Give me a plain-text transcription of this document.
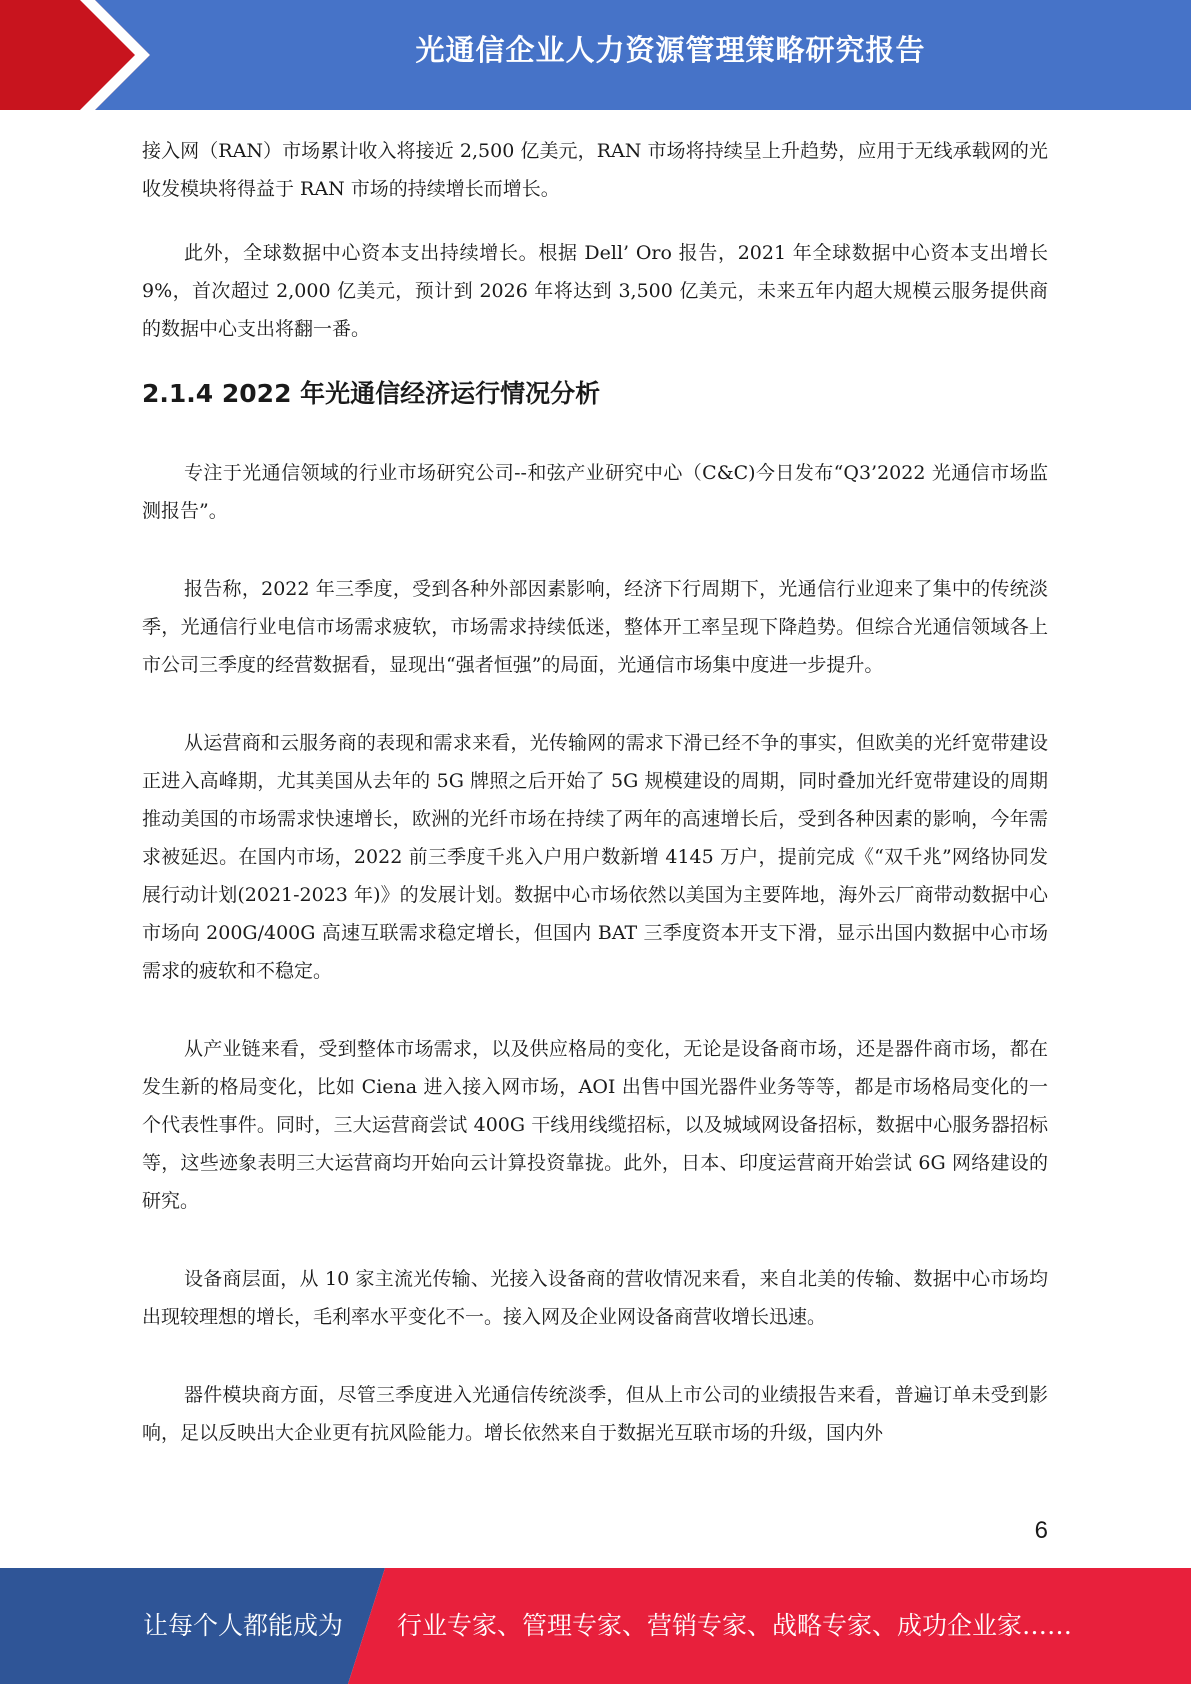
光通信企业人力资源管理策略研究报告

接入网（RAN）市场累计收入将接近 2,500 亿美元，RAN 市场将持续呈上升趋势，应用于无线承载网的光收发模块将得益于 RAN 市场的持续增长而增长。

此外，全球数据中心资本支出持续增长。根据 Dell’ Oro 报告，2021 年全球数据中心资本支出增长 9%，首次超过 2,000 亿美元，预计到 2026 年将达到 3,500 亿美元，未来五年内超大规模云服务提供商的数据中心支出将翻一番。

2.1.4 2022 年光通信经济运行情况分析

专注于光通信领域的行业市场研究公司--和弦产业研究中心（C&C)今日发布“Q3’2022 光通信市场监测报告”。

报告称，2022 年三季度，受到各种外部因素影响，经济下行周期下，光通信行业迎来了集中的传统淡季，光通信行业电信市场需求疲软，市场需求持续低迷，整体开工率呈现下降趋势。但综合光通信领域各上市公司三季度的经营数据看，显现出“强者恒强”的局面，光通信市场集中度进一步提升。

从运营商和云服务商的表现和需求来看，光传输网的需求下滑已经不争的事实，但欧美的光纤宽带建设正进入高峰期，尤其美国从去年的 5G 牌照之后开始了 5G 规模建设的周期，同时叠加光纤宽带建设的周期推动美国的市场需求快速增长，欧洲的光纤市场在持续了两年的高速增长后，受到各种因素的影响，今年需求被延迟。在国内市场，2022 前三季度千兆入户用户数新增 4145 万户，提前完成《“双千兆”网络协同发展行动计划(2021-2023 年)》的发展计划。数据中心市场依然以美国为主要阵地，海外云厂商带动数据中心市场向 200G/400G 高速互联需求稳定增长，但国内 BAT 三季度资本开支下滑，显示出国内数据中心市场需求的疲软和不稳定。

从产业链来看，受到整体市场需求，以及供应格局的变化，无论是设备商市场，还是器件商市场，都在发生新的格局变化，比如 Ciena 进入接入网市场，AOI 出售中国光器件业务等等，都是市场格局变化的一个代表性事件。同时，三大运营商尝试 400G 干线用线缆招标，以及城域网设备招标，数据中心服务器招标等，这些迹象表明三大运营商均开始向云计算投资靠拢。此外，日本、印度运营商开始尝试 6G 网络建设的研究。

设备商层面，从 10 家主流光传输、光接入设备商的营收情况来看，来自北美的传输、数据中心市场均出现较理想的增长，毛利率水平变化不一。接入网及企业网设备商营收增长迅速。

器件模块商方面，尽管三季度进入光通信传统淡季，但从上市公司的业绩报告来看，普遍订单未受到影响，足以反映出大企业更有抗风险能力。增长依然来自于数据光互联市场的升级，国内外

6
让每个人都能成为 行业专家、管理专家、营销专家、战略专家、成功企业家……
